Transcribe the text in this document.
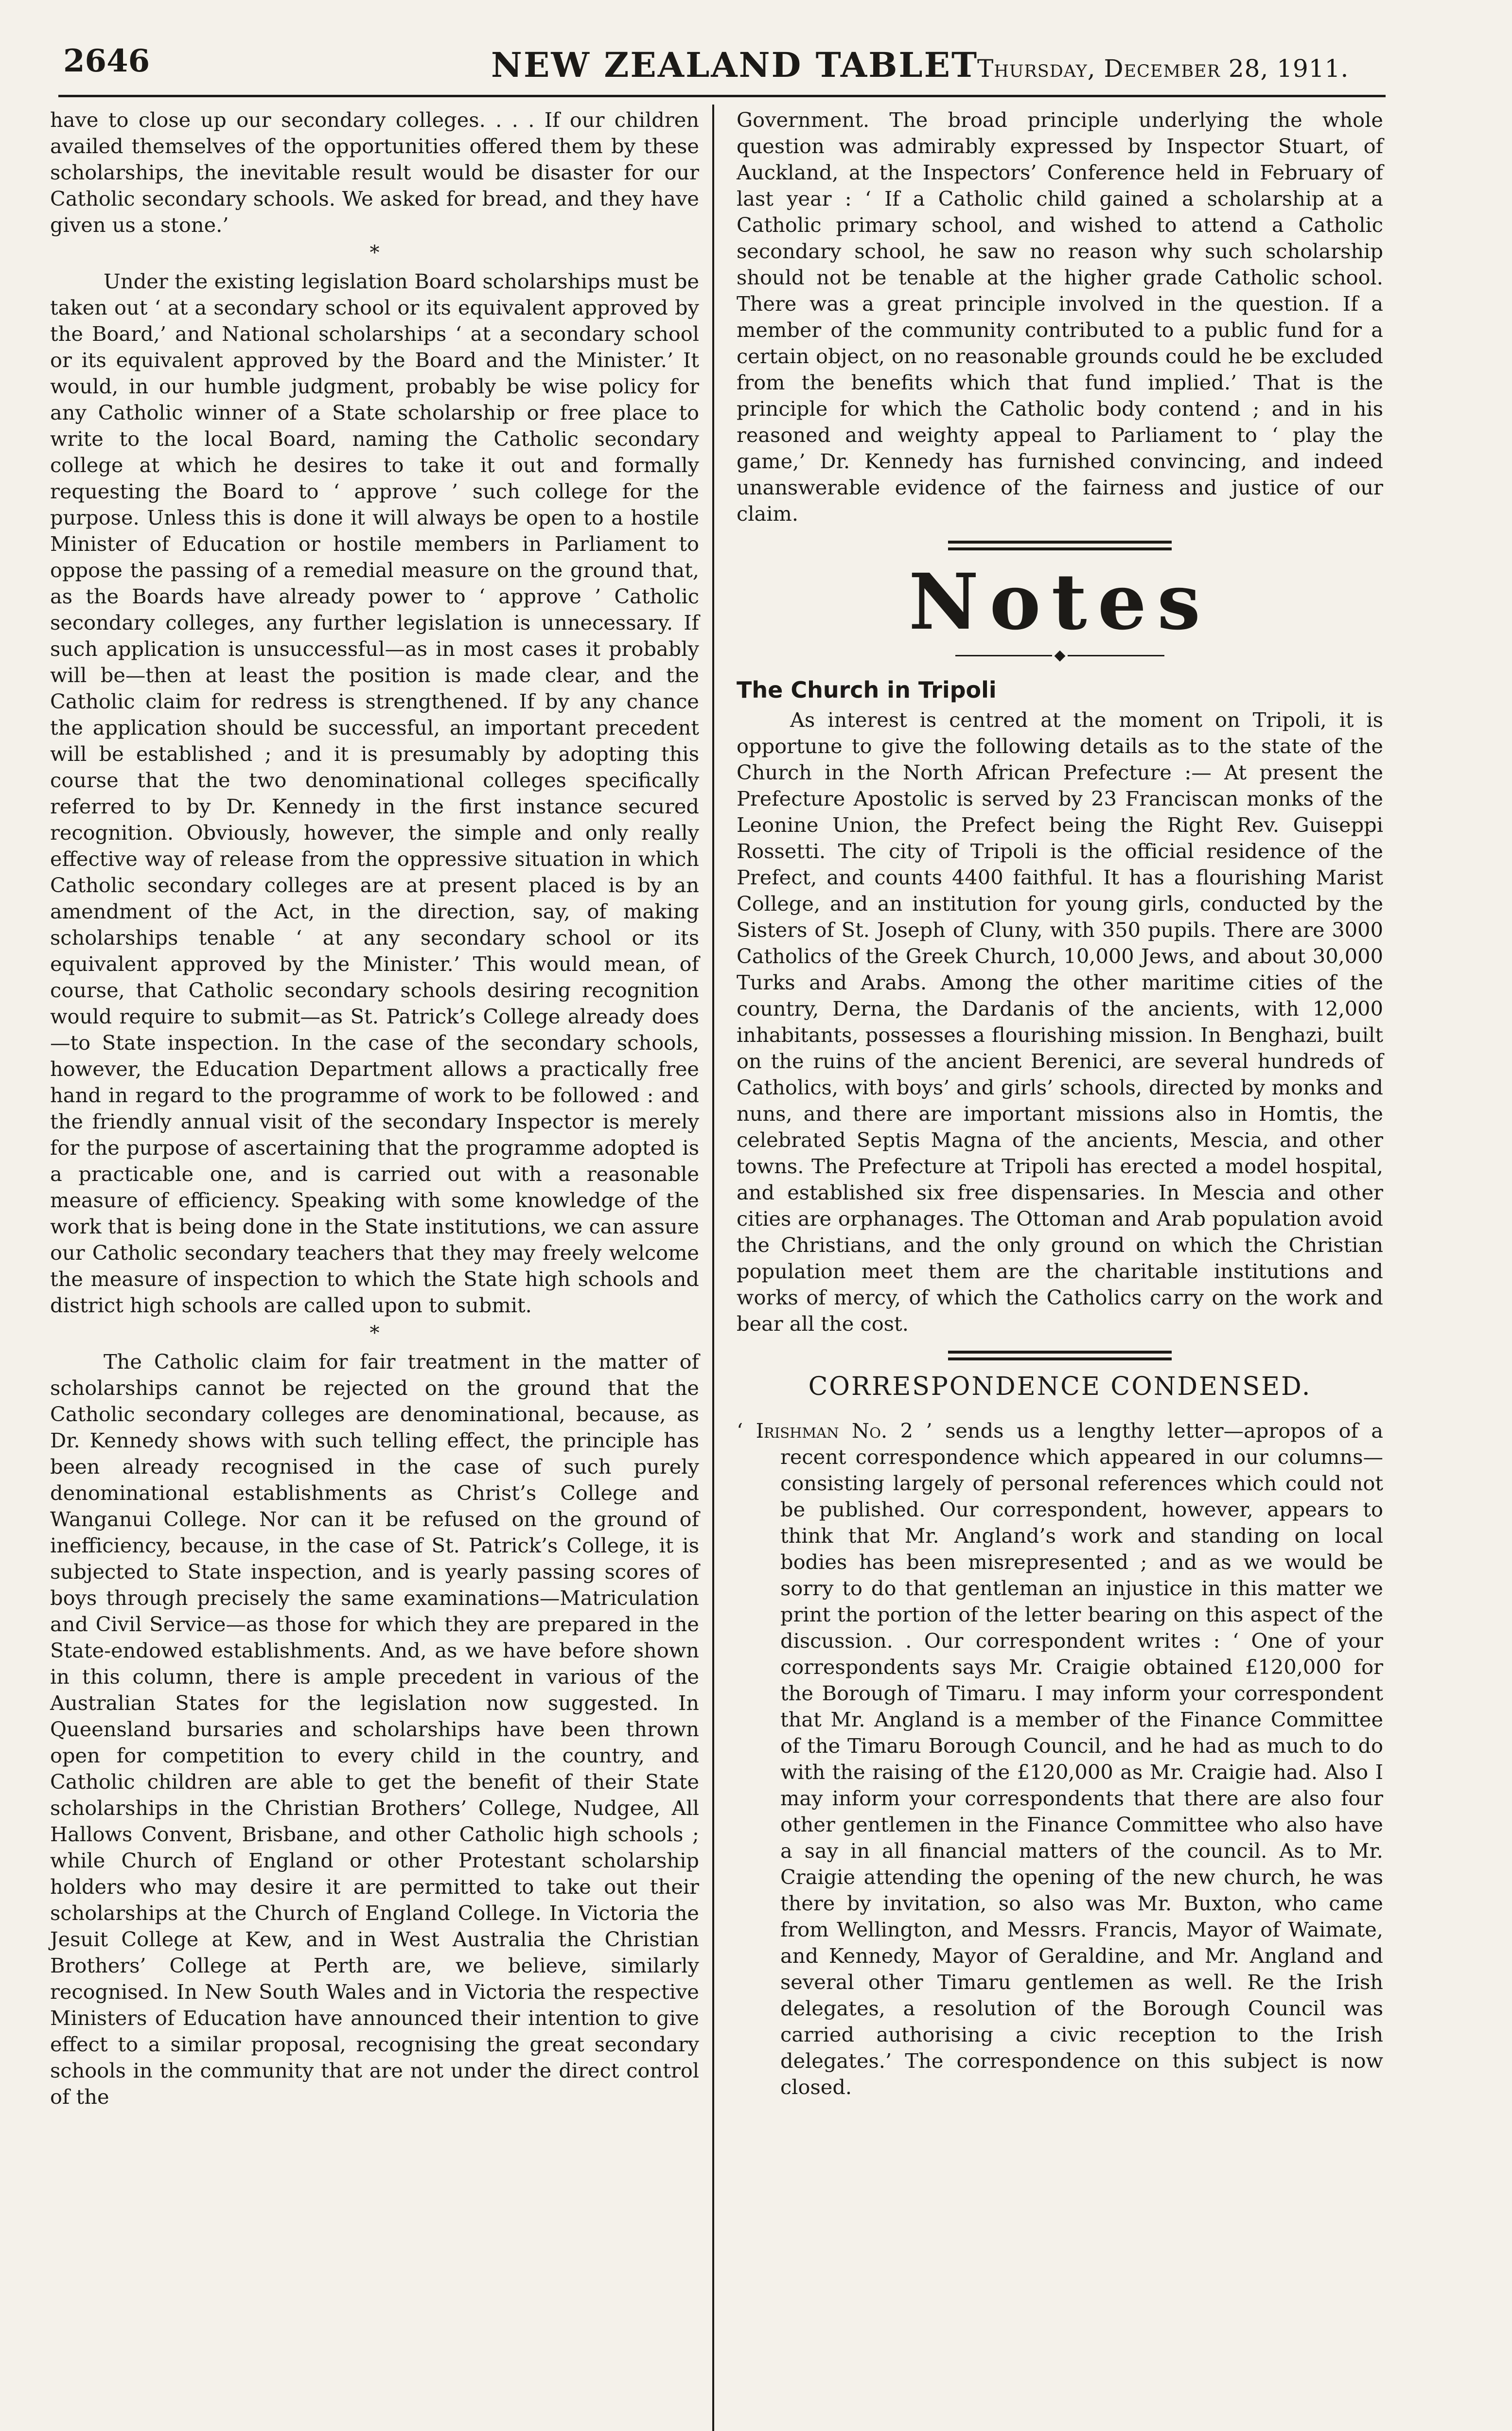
2646	NEW ZEALAND TABLET
Thursday, December 28, 1911.

have to close up our secondary colleges. . . . If our children availed themselves of the opportunities offered them by these scholarships, the inevitable result would be disaster for our Catholic secondary schools. We asked for bread, and they have given us a stone.’

*

Under the existing legislation Board scholarships must be taken out ‘ at a secondary school or its equivalent approved by the Board,’ and National scholarships ‘ at a secondary school or its equivalent approved by the Board and the Minister.’ It would, in our humble judgment, probably be wise policy for any Catholic winner of a State scholarship or free place to write to the local Board, naming the Catholic secondary college at which he desires to take it out and formally requesting the Board to ‘ approve ’ such college for the purpose. Unless this is done it will always be open to a hostile Minister of Education or hostile members in Parliament to oppose the passing of a remedial measure on the ground that, as the Boards have already power to ‘ approve ’ Catholic secondary colleges, any further legislation is unnecessary. If such application is unsuccessful—as in most cases it probably will be—then at least the position is made clear, and the Catholic claim for redress is strengthened. If by any chance the application should be successful, an important precedent will be established ; and it is presumably by adopting this course that the two denominational colleges specifically referred to by Dr. Kennedy in the first instance secured recognition. Obviously, however, the simple and only really effective way of release from the oppressive situation in which Catholic secondary colleges are at present placed is by an amendment of the Act, in the direction, say, of making scholarships tenable ‘ at any secondary school or its equivalent approved by the Minister.’ This would mean, of course, that Catholic secondary schools desiring recognition would require to submit—as St. Patrick’s College already does—to State inspection. In the case of the secondary schools, however, the Education Department allows a practically free hand in regard to the programme of work to be followed : and the friendly annual visit of the secondary Inspector is merely for the purpose of ascertaining that the programme adopted is a practicable one, and is carried out with a reasonable measure of efficiency. Speaking with some knowledge of the work that is being done in the State institutions, we can assure our Catholic secondary teachers that they may freely welcome the measure of inspection to which the State high schools and district high schools are called upon to submit.

*

The Catholic claim for fair treatment in the matter of scholarships cannot be rejected on the ground that the Catholic secondary colleges are denominational, because, as Dr. Kennedy shows with such telling effect, the principle has been already recognised in the case of such purely denominational establishments as Christ’s College and Wanganui College. Nor can it be refused on the ground of inefficiency, because, in the case of St. Patrick’s College, it is subjected to State inspection, and is yearly passing scores of boys through precisely the same examinations—Matriculation and Civil Service—as those for which they are prepared in the State-endowed establishments. And, as we have before shown in this column, there is ample precedent in various of the Australian States for the legislation now suggested. In Queensland bursaries and scholarships have been thrown open for competition to every child in the country, and Catholic children are able to get the benefit of their State scholarships in the Christian Brothers’ College, Nudgee, All Hallows Convent, Brisbane, and other Catholic high schools ; while Church of England or other Protestant scholarship holders who may desire it are permitted to take out their scholarships at the Church of England College. In Victoria the Jesuit College at Kew, and in West Australia the Christian Brothers’ College at Perth are, we believe, similarly recognised. In New South Wales and in Victoria the respective Ministers of Education have announced their intention to give effect to a similar proposal, recognising the great secondary schools in the community that are not under the direct control of the

Government. The broad principle underlying the whole question was admirably expressed by Inspector Stuart, of Auckland, at the Inspectors’ Conference held in February of last year : ‘ If a Catholic child gained a scholarship at a Catholic primary school, and wished to attend a Catholic secondary school, he saw no reason why such scholarship should not be tenable at the higher grade Catholic school. There was a great principle involved in the question. If a member of the community contributed to a public fund for a certain object, on no reasonable grounds could he be excluded from the benefits which that fund implied.’ That is the principle for which the Catholic body contend ; and in his reasoned and weighty appeal to Parliament to ‘ play the game,’ Dr. Kennedy has furnished convincing, and indeed unanswerable evidence of the fairness and justice of our claim.

Notes
◆
The Church in Tripoli

As interest is centred at the moment on Tripoli, it is opportune to give the following details as to the state of the Church in the North African Prefecture :— At present the Prefecture Apostolic is served by 23 Franciscan monks of the Leonine Union, the Prefect being the Right Rev. Guiseppi Rossetti. The city of Tripoli is the official residence of the Prefect, and counts 4400 faithful. It has a flourishing Marist College, and an institution for young girls, conducted by the Sisters of St. Joseph of Cluny, with 350 pupils. There are 3000 Catholics of the Greek Church, 10,000 Jews, and about 30,000 Turks and Arabs. Among the other maritime cities of the country, Derna, the Dardanis of the ancients, with 12,000 inhabitants, possesses a flourishing mission. In Benghazi, built on the ruins of the ancient Berenici, are several hundreds of Catholics, with boys’ and girls’ schools, directed by monks and nuns, and there are important missions also in Homtis, the celebrated Septis Magna of the ancients, Mescia, and other towns. The Prefecture at Tripoli has erected a model hospital, and established six free dispensaries. In Mescia and other cities are orphanages. The Ottoman and Arab population avoid the Christians, and the only ground on which the Christian population meet them are the charitable institutions and works of mercy, of which the Catholics carry on the work and bear all the cost.

CORRESPONDENCE CONDENSED.

‘ Irishman No. 2 ’ sends us a lengthy letter—apropos of a recent correspondence which appeared in our columns—consisting largely of personal references which could not be published. Our correspondent, however, appears to think that Mr. Angland’s work and standing on local bodies has been misrepresented ; and as we would be sorry to do that gentleman an injustice in this matter we print the portion of the letter bearing on this aspect of the discussion. . Our correspondent writes : ‘ One of your correspondents says Mr. Craigie obtained £120,000 for the Borough of Timaru. I may inform your correspondent that Mr. Angland is a member of the Finance Committee of the Timaru Borough Council, and he had as much to do with the raising of the £120,000 as Mr. Craigie had. Also I may inform your correspondents that there are also four other gentlemen in the Finance Committee who also have a say in all financial matters of the council. As to Mr. Craigie attending the opening of the new church, he was there by invitation, so also was Mr. Buxton, who came from Wellington, and Messrs. Francis, Mayor of Waimate, and Kennedy, Mayor of Geraldine, and Mr. Angland and several other Timaru gentlemen as well. Re the Irish delegates, a resolution of the Borough Council was carried authorising a civic reception to the Irish delegates.’ The correspondence on this subject is now closed.
